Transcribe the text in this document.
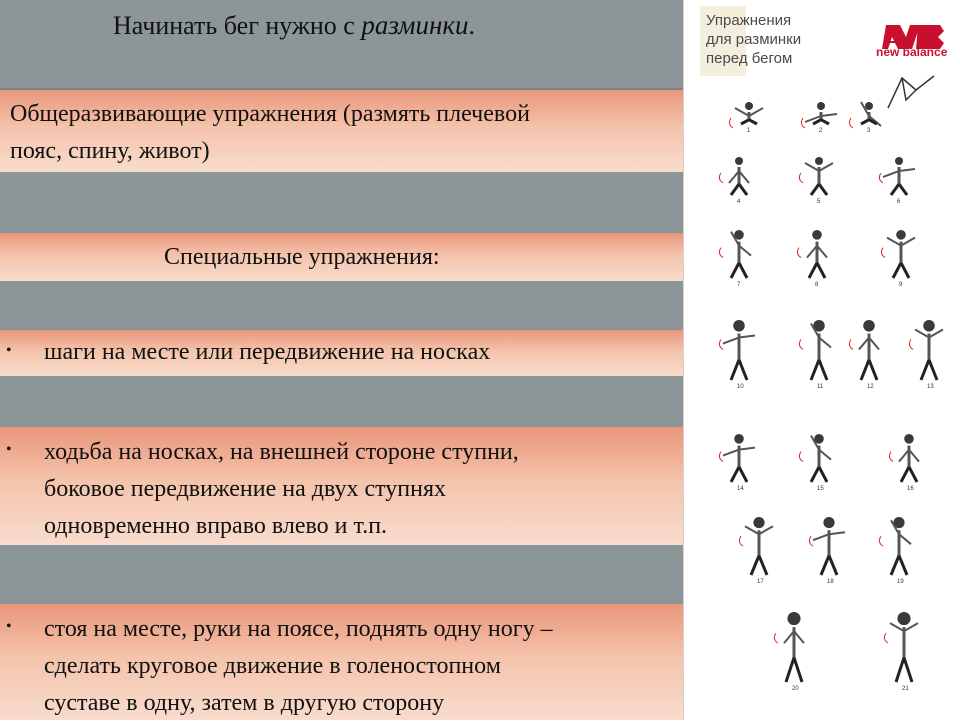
Начинать бег нужно с разминки.
Общеразвивающие упражнения (размять плечевой
пояс, спину, живот)
Специальные упражнения:
• шаги на месте или передвижение на носках
• ходьба на носках, на внешней стороне ступни,
боковое передвижение на двух ступнях
одновременно вправо влево и т.п.
• стоя на месте, руки на поясе, поднять одну ногу –
сделать круговое движение в голеностопном
суставе в одну, затем в другую сторону
Упражнения
для разминки
перед бегом	new balance
1	2	3
4	5	6
7	8	9
10	11	12	13
14	15	16
17	18	19
20	21
